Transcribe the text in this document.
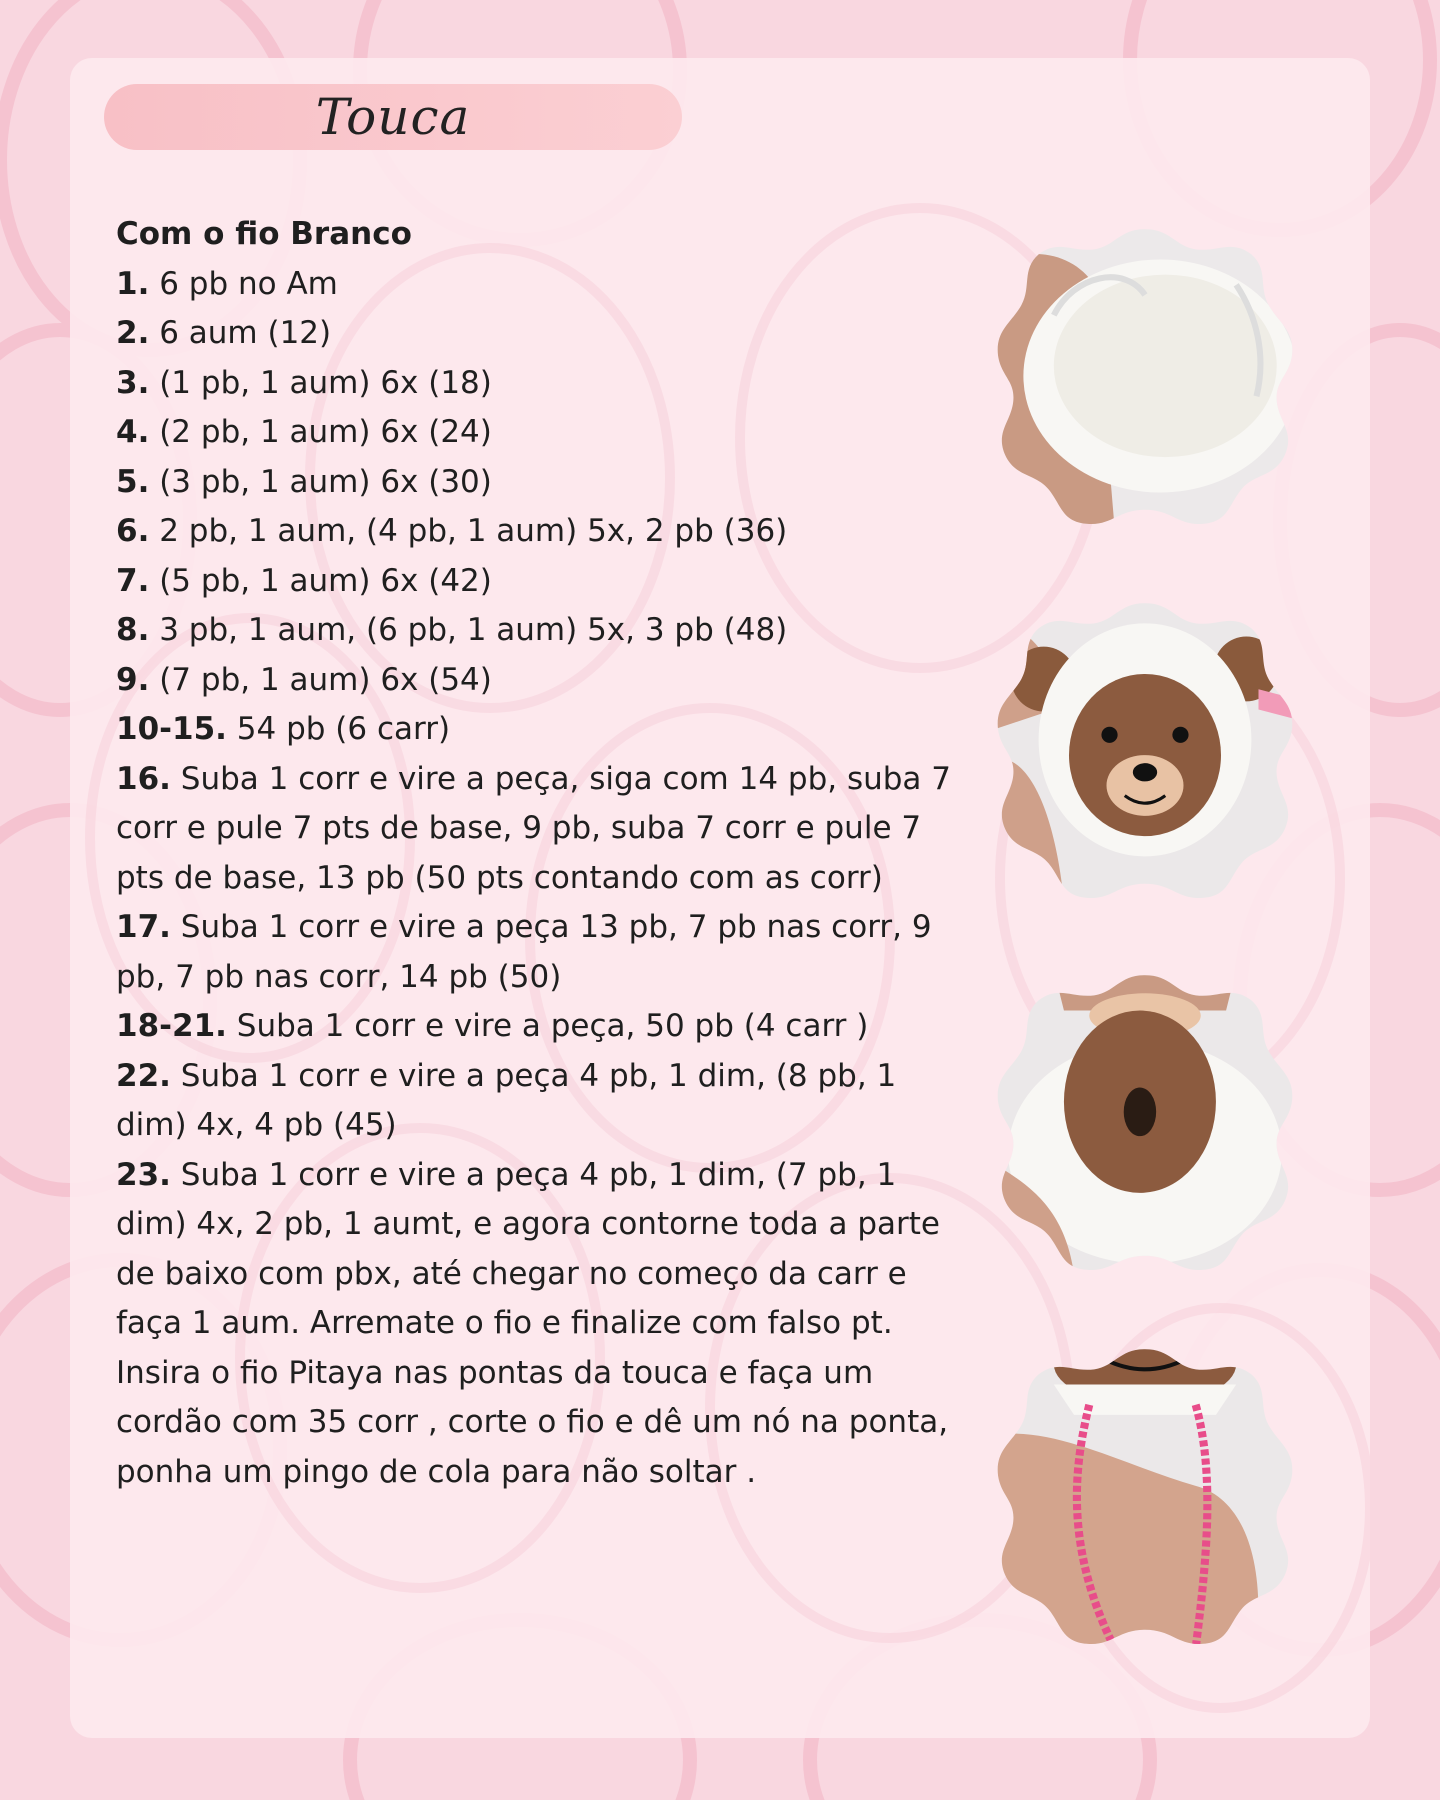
Touca

Com o fio Branco

1. 6 pb no Am

2. 6 aum (12)

3. (1 pb, 1 aum) 6x (18)

4. (2 pb, 1 aum) 6x (24)

5. (3 pb, 1 aum) 6x (30)

6. 2 pb, 1 aum, (4 pb, 1 aum) 5x, 2 pb (36)

7. (5 pb, 1 aum) 6x (42)

8. 3 pb, 1 aum, (6 pb, 1 aum) 5x, 3 pb (48)

9. (7 pb, 1 aum) 6x (54)

10-15. 54 pb (6 carr)

16. Suba 1 corr e vire a peça, siga com 14 pb, suba 7 corr e pule 7 pts de base, 9 pb, suba 7 corr e pule 7 pts de base, 13 pb (50 pts contando com as corr)

17. Suba 1 corr e vire a peça 13 pb, 7 pb nas corr, 9 pb, 7 pb nas corr, 14 pb (50)

18-21. Suba 1 corr e vire a peça, 50 pb (4 carr )

22. Suba 1 corr e vire a peça 4 pb, 1 dim, (8 pb, 1 dim) 4x, 4 pb (45)

23. Suba 1 corr e vire a peça 4 pb, 1 dim, (7 pb, 1 dim) 4x, 2 pb, 1 aumt, e agora contorne toda a parte de baixo com pbx, até chegar no começo da carr e faça 1 aum. Arremate o fio e finalize com falso pt.

Insira o fio Pitaya nas pontas da touca e faça um cordão com 35 corr , corte o fio e dê um nó na ponta, ponha um pingo de cola para não soltar .
